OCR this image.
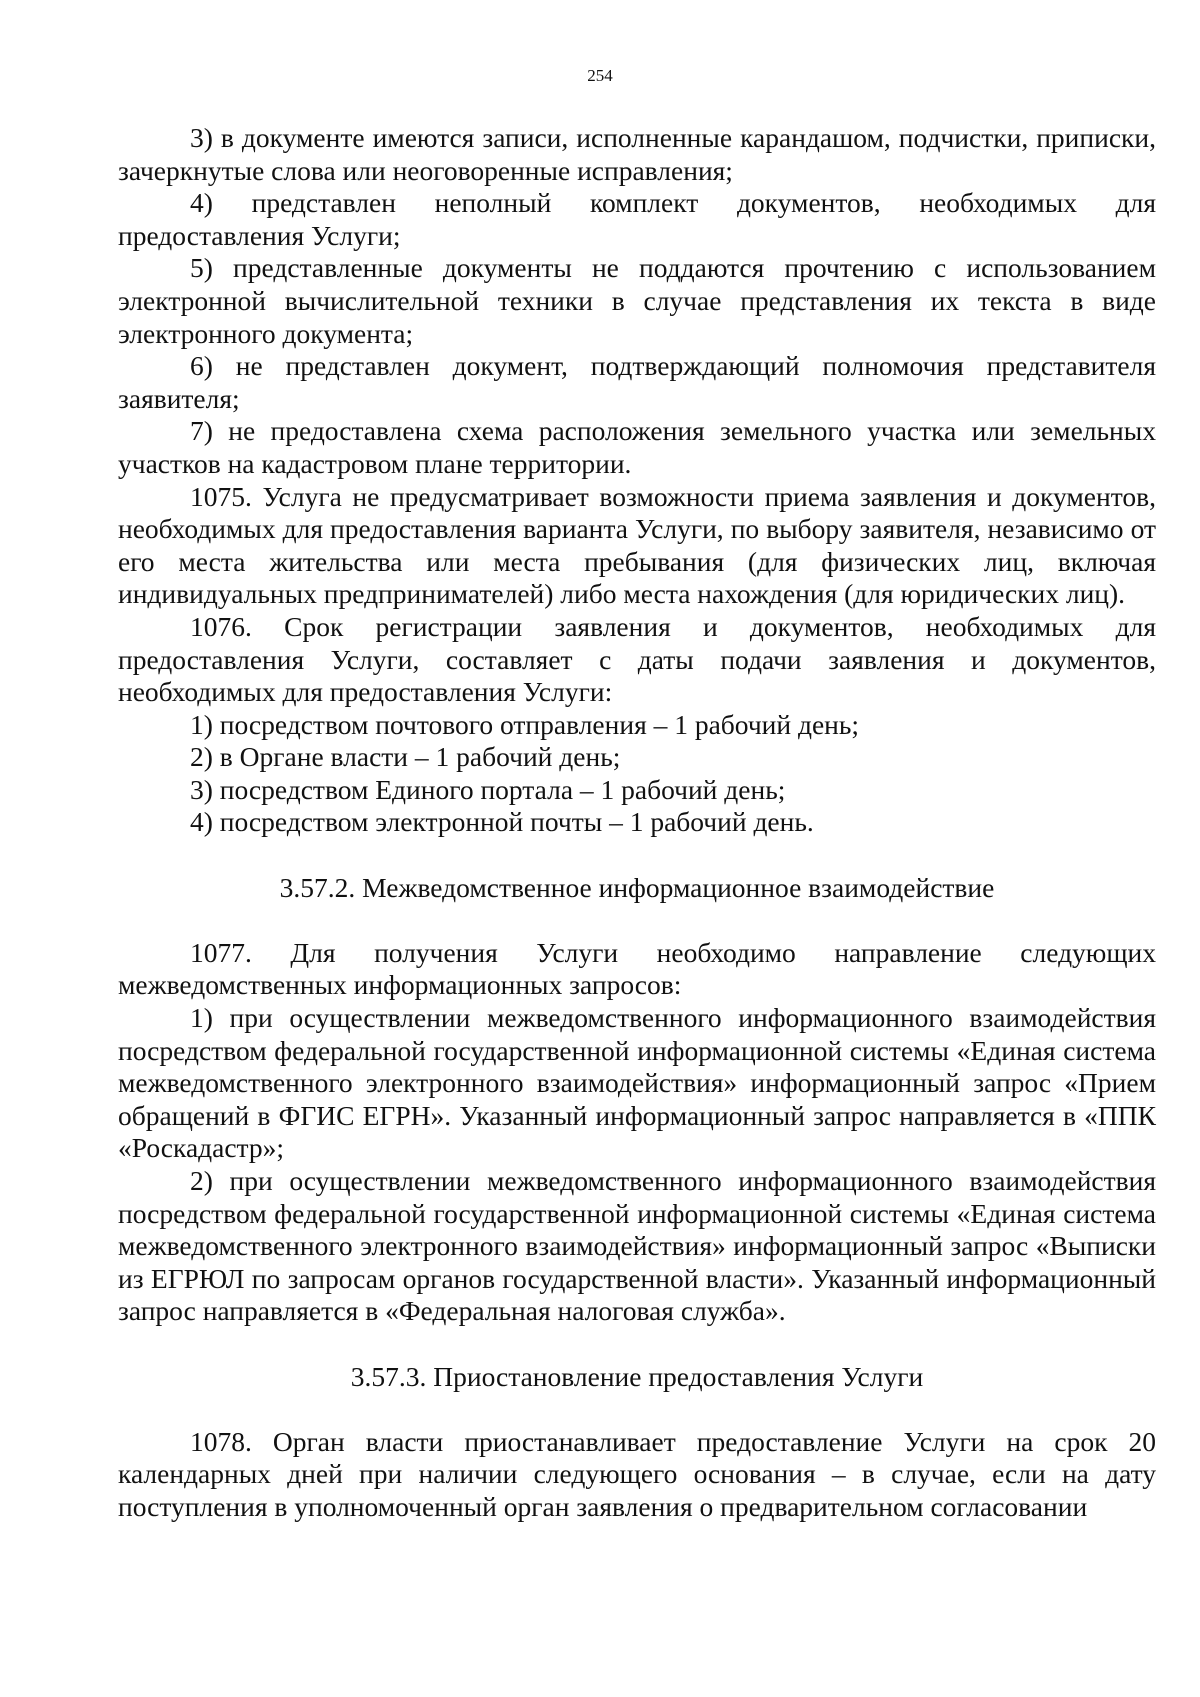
254

3) в документе имеются записи, исполненные карандашом, подчистки, приписки, зачеркнутые слова или неоговоренные исправления;

4) представлен неполный комплект документов, необходимых для предоставления Услуги;

5) представленные документы не поддаются прочтению с использованием электронной вычислительной техники в случае представления их текста в виде электронного документа;

6) не представлен документ, подтверждающий полномочия представителя заявителя;

7) не предоставлена схема расположения земельного участка или земельных участков на кадастровом плане территории.

1075. Услуга не предусматривает возможности приема заявления и документов, необходимых для предоставления варианта Услуги, по выбору заявителя, независимо от его места жительства или места пребывания (для физических лиц, включая индивидуальных предпринимателей) либо места нахождения (для юридических лиц).

1076. Срок регистрации заявления и документов, необходимых для предоставления Услуги, составляет с даты подачи заявления и документов, необходимых для предоставления Услуги:

1) посредством почтового отправления – 1 рабочий день;

2) в Органе власти – 1 рабочий день;

3) посредством Единого портала – 1 рабочий день;

4) посредством электронной почты – 1 рабочий день.

3.57.2. Межведомственное информационное взаимодействие

1077. Для получения Услуги необходимо направление следующих межведомственных информационных запросов:

1) при осуществлении межведомственного информационного взаимодействия посредством федеральной государственной информационной системы «Единая система межведомственного электронного взаимодействия» информационный запрос «Прием обращений в ФГИС ЕГРН». Указанный информационный запрос направляется в «ППК «Роскадастр»;

2) при осуществлении межведомственного информационного взаимодействия посредством федеральной государственной информационной системы «Единая система межведомственного электронного взаимодействия» информационный запрос «Выписки из ЕГРЮЛ по запросам органов государственной власти». Указанный информационный запрос направляется в «Федеральная налоговая служба».

3.57.3. Приостановление предоставления Услуги

1078. Орган власти приостанавливает предоставление Услуги на срок 20 календарных дней при наличии следующего основания – в случае, если на дату поступления в уполномоченный орган заявления о предварительном согласовании
